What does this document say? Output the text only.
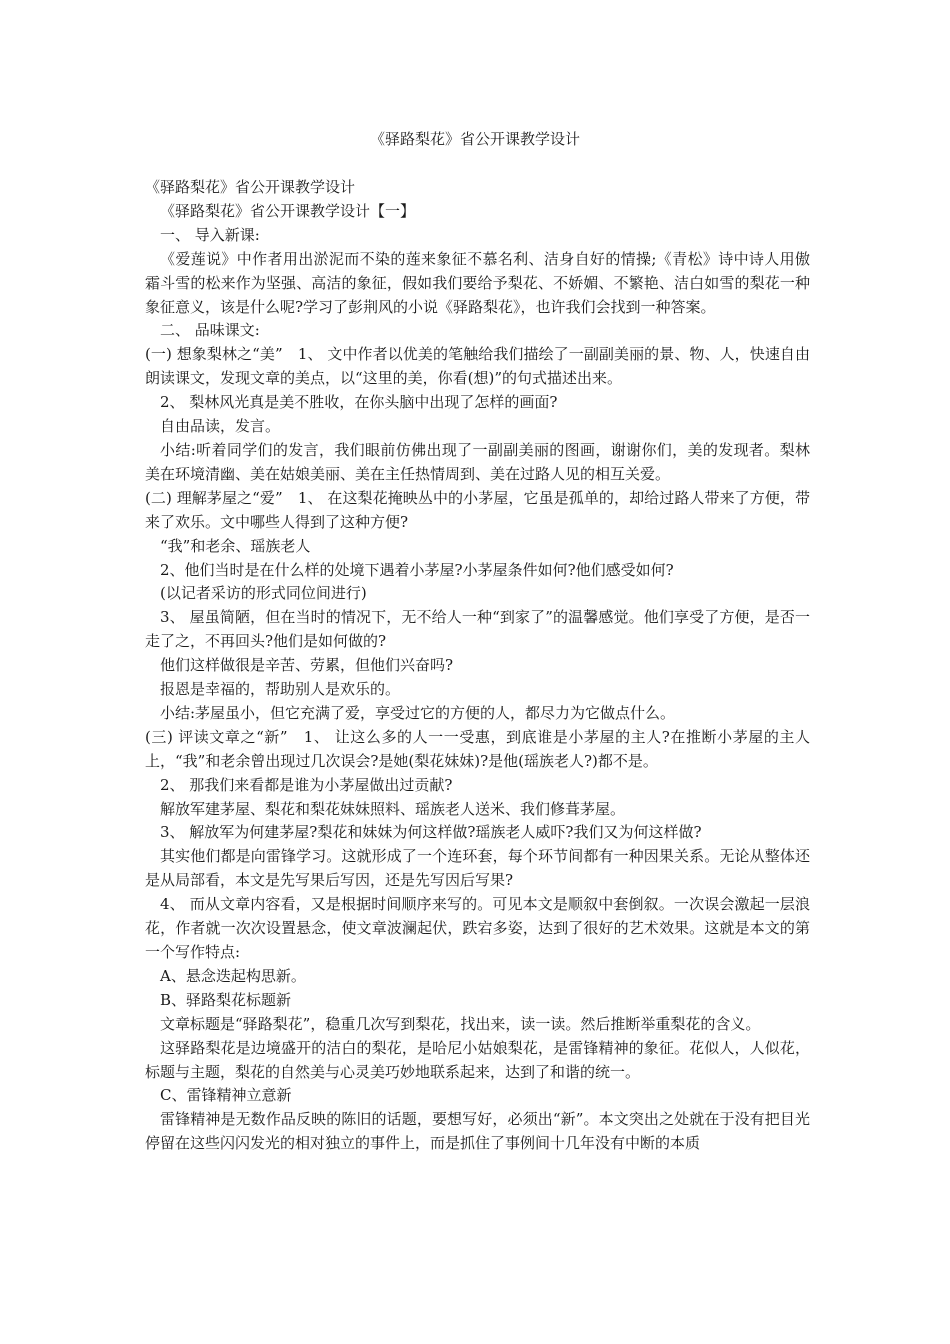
《驿路梨花》省公开课教学设计

《驿路梨花》省公开课教学设计

《驿路梨花》省公开课教学设计【一】

一、 导入新课:

《爱莲说》中作者用出淤泥而不染的莲来象征不慕名利、洁身自好的情操;《青松》诗中诗人用傲霜斗雪的松来作为坚强、高洁的象征，假如我们要给予梨花、不娇媚、不繁艳、洁白如雪的梨花一种象征意义，该是什么呢?学习了彭荆风的小说《驿路梨花》，也许我们会找到一种答案。

二、 品味课文:

(一) 想象梨林之“美”　1、 文中作者以优美的笔触给我们描绘了一副副美丽的景、物、人，快速自由朗读课文，发现文章的美点，以“这里的美，你看(想)”的句式描述出来。

2、 梨林风光真是美不胜收，在你头脑中出现了怎样的画面?

自由品读，发言。

小结:听着同学们的发言，我们眼前仿佛出现了一副副美丽的图画，谢谢你们，美的发现者。梨林美在环境清幽、美在姑娘美丽、美在主任热情周到、美在过路人见的相互关爱。

(二) 理解茅屋之“爱”　1、 在这梨花掩映丛中的小茅屋，它虽是孤单的，却给过路人带来了方便，带来了欢乐。文中哪些人得到了这种方便?

“我”和老余、瑶族老人

2、他们当时是在什么样的处境下遇着小茅屋?小茅屋条件如何?他们感受如何?

(以记者采访的形式同位间进行)

3、 屋虽简陋，但在当时的情况下，无不给人一种“到家了”的温馨感觉。他们享受了方便，是否一走了之，不再回头?他们是如何做的?

他们这样做很是辛苦、劳累，但他们兴奋吗?

报恩是幸福的，帮助别人是欢乐的。

小结:茅屋虽小，但它充满了爱，享受过它的方便的人，都尽力为它做点什么。

(三) 评读文章之“新”　1、 让这么多的人一一受惠，到底谁是小茅屋的主人?在推断小茅屋的主人上，“我”和老余曾出现过几次误会?是她(梨花妹妹)?是他(瑶族老人?)都不是。

2、 那我们来看都是谁为小茅屋做出过贡献?

解放军建茅屋、梨花和梨花妹妹照料、瑶族老人送米、我们修葺茅屋。

3、 解放军为何建茅屋?梨花和妹妹为何这样做?瑶族老人威吓?我们又为何这样做?

其实他们都是向雷锋学习。这就形成了一个连环套，每个环节间都有一种因果关系。无论从整体还是从局部看，本文是先写果后写因，还是先写因后写果?

4、 而从文章内容看，又是根据时间顺序来写的。可见本文是顺叙中套倒叙。一次误会激起一层浪花，作者就一次次设置悬念，使文章波澜起伏，跌宕多姿，达到了很好的艺术效果。这就是本文的第一个写作特点:

A、悬念迭起构思新。

B、驿路梨花标题新

文章标题是“驿路梨花”，稳重几次写到梨花，找出来，读一读。然后推断举重梨花的含义。

这驿路梨花是边境盛开的洁白的梨花，是哈尼小姑娘梨花，是雷锋精神的象征。花似人，人似花，标题与主题，梨花的自然美与心灵美巧妙地联系起来，达到了和谐的统一。

C、雷锋精神立意新

雷锋精神是无数作品反映的陈旧的话题，要想写好，必须出“新”。本文突出之处就在于没有把目光停留在这些闪闪发光的相对独立的事件上，而是抓住了事例间十几年没有中断的本质
